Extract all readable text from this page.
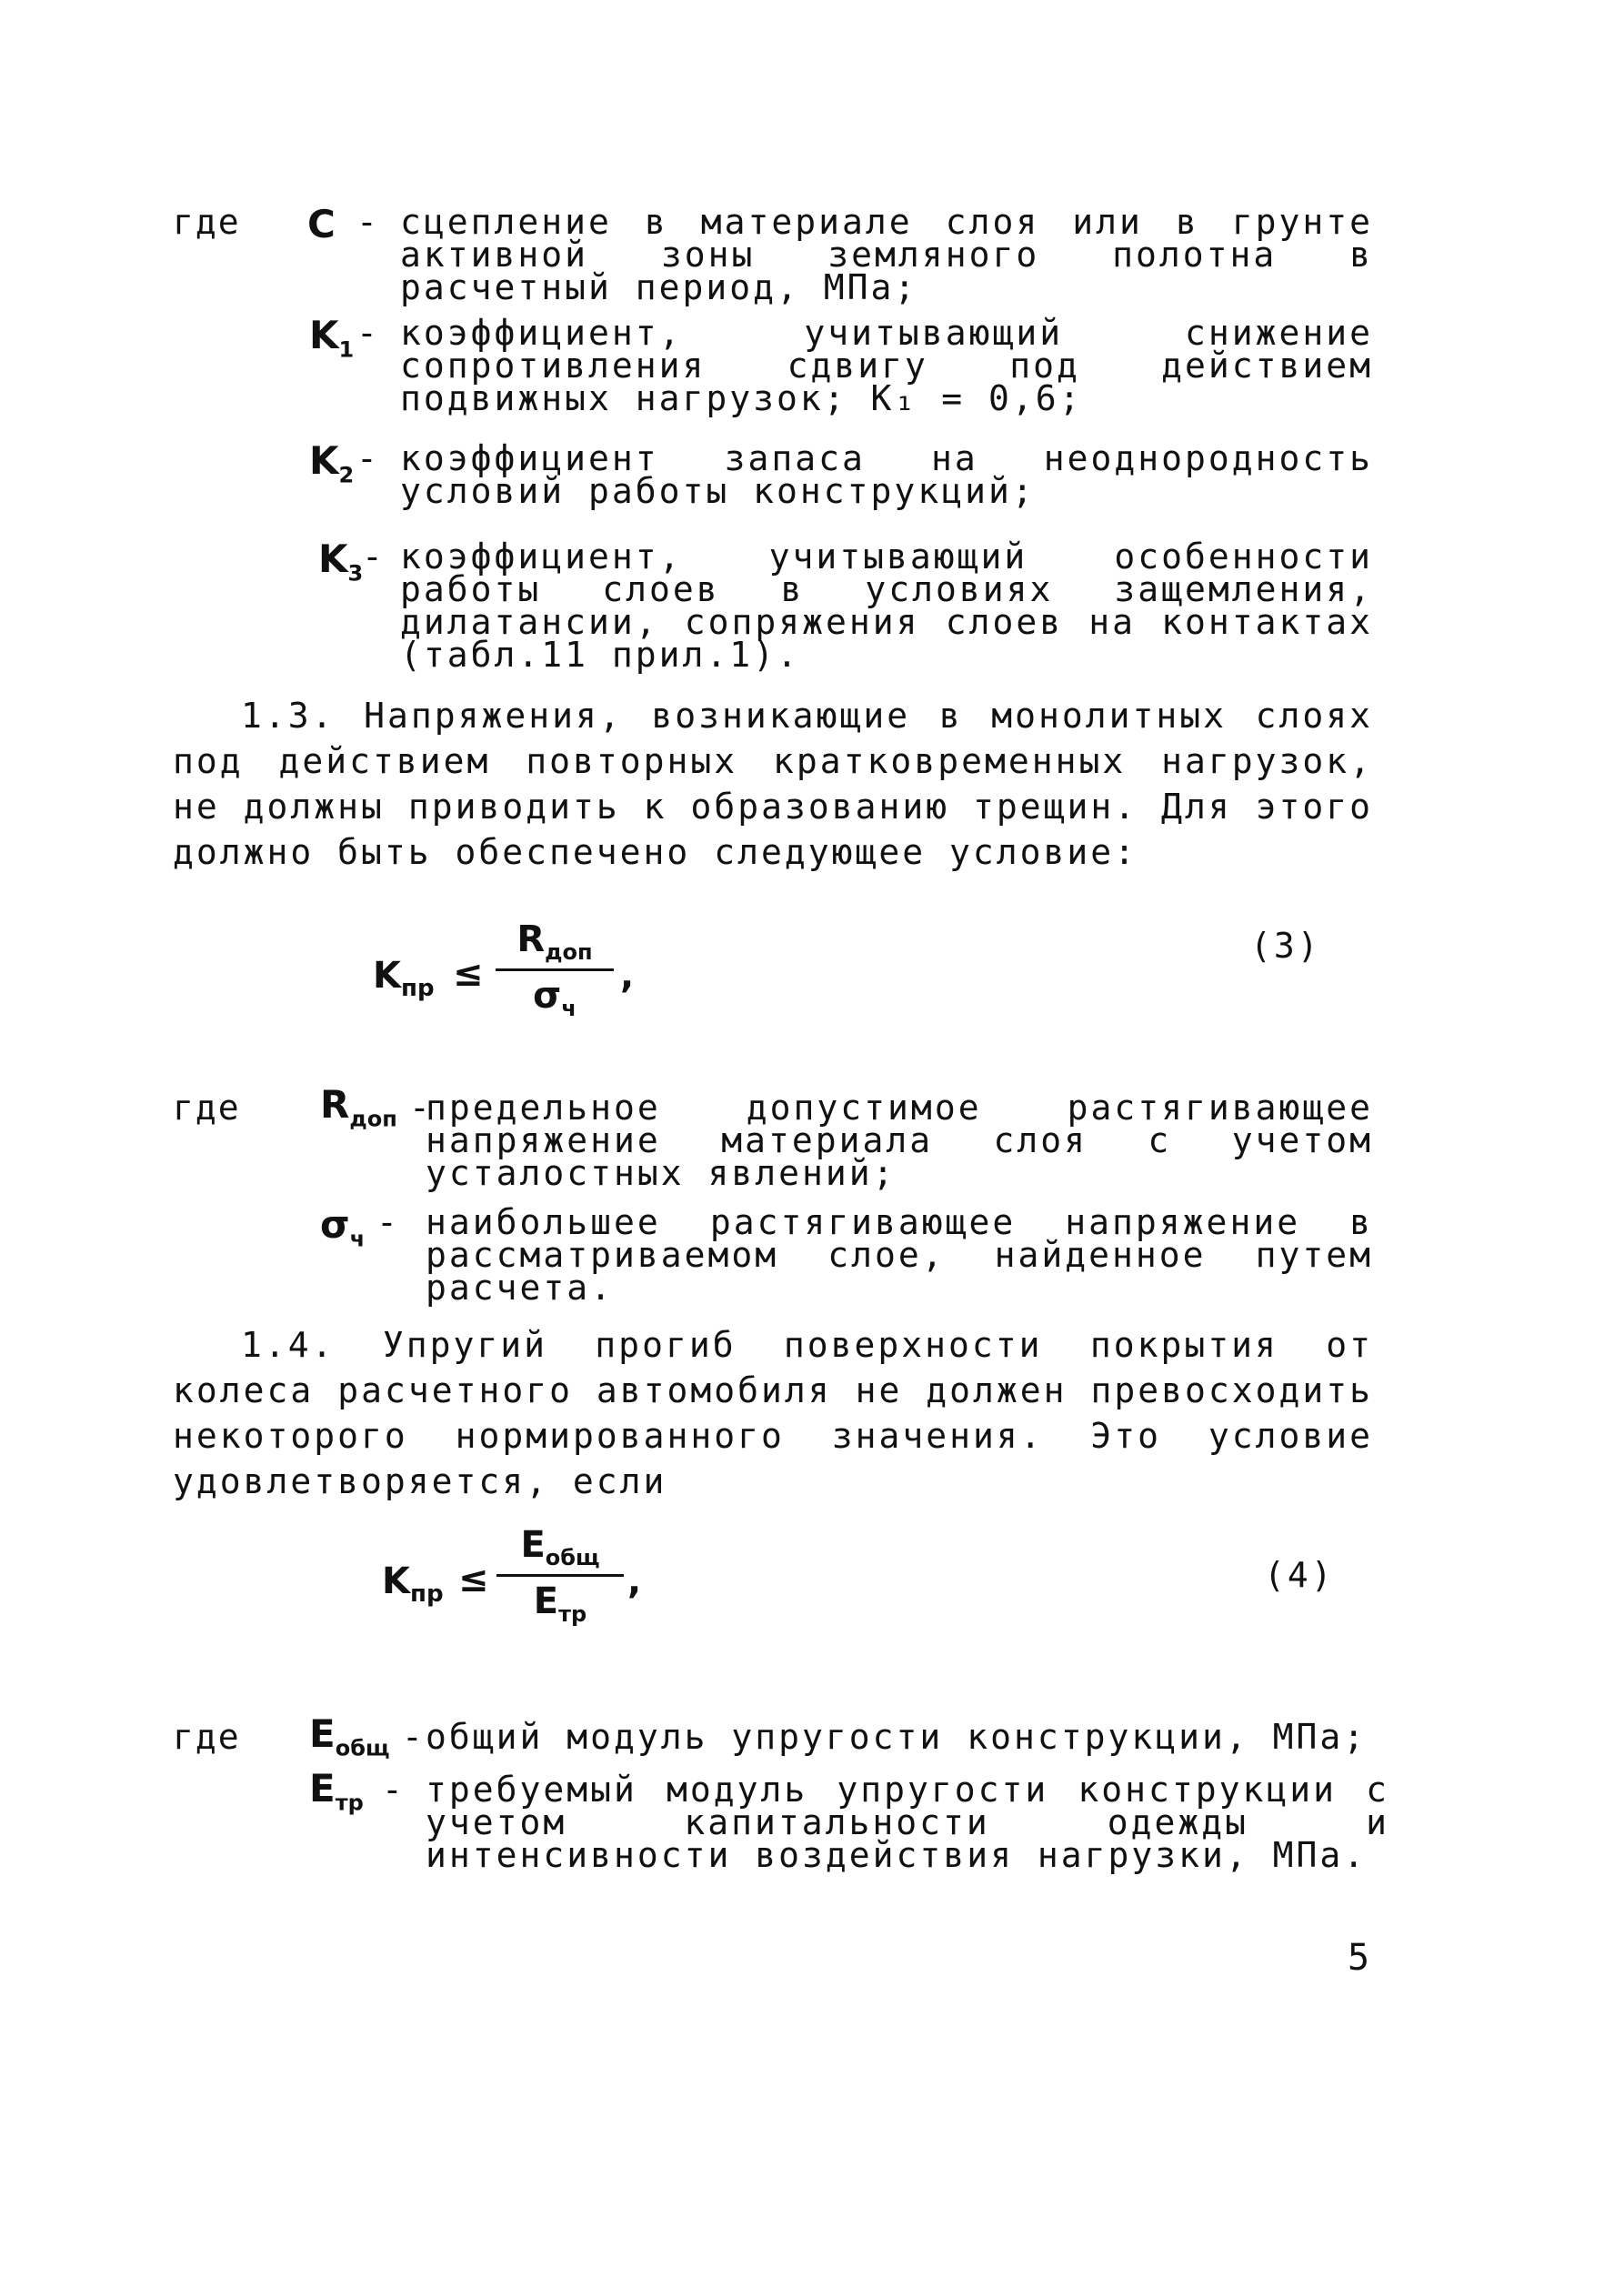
где C - сцепление в материале слоя или в грунте активной зоны земляного полотна в расчетный период, МПа;

$K_1$ - коэффициент, учитывающий снижение сопротивления сдвигу под действием подвижных нагрузок; K₁ = 0,6;

$K_2$ - коэффициент запаса на неоднородность условий работы конструкций;

$K_3$
- коэффициент, учитывающий особенности работы слоев в условиях защемления, дилатансии, сопряжения слоев на контактах (табл.11 прил.1).

1.3. Напряжения, возникающие в монолитных слоях под действием повторных кратковременных нагрузок, не должны приводить к образованию трещин. Для этого должно быть обеспечено следующее условие:

$K_{пр}$ ≤
$R_{доп}$
$\sigma_ч$
,
(3)
где $R_{доп}$ -

предельное допустимое растягивающее напряжение материала слоя с учетом усталостных явлений;

$\sigma_ч$ - наибольшее растягивающее напряжение в рассматриваемом слое, найденное путем расчета.

1.4. Упругий прогиб поверхности покрытия от колеса расчетного автомобиля не должен превосходить некоторого нормированного значения. Это условие удовлетворяется, если

$K_{пр}$ ≤
$E_{общ}$
$E_{тр}$
,	(4)
где $E_{общ}$ - общий модуль упругости конструкции, МПа;

$E_{тр}$ - требуемый модуль упругости конструкции с учетом капитальности одежды и интенсивности воздействия нагрузки, МПа.

5
